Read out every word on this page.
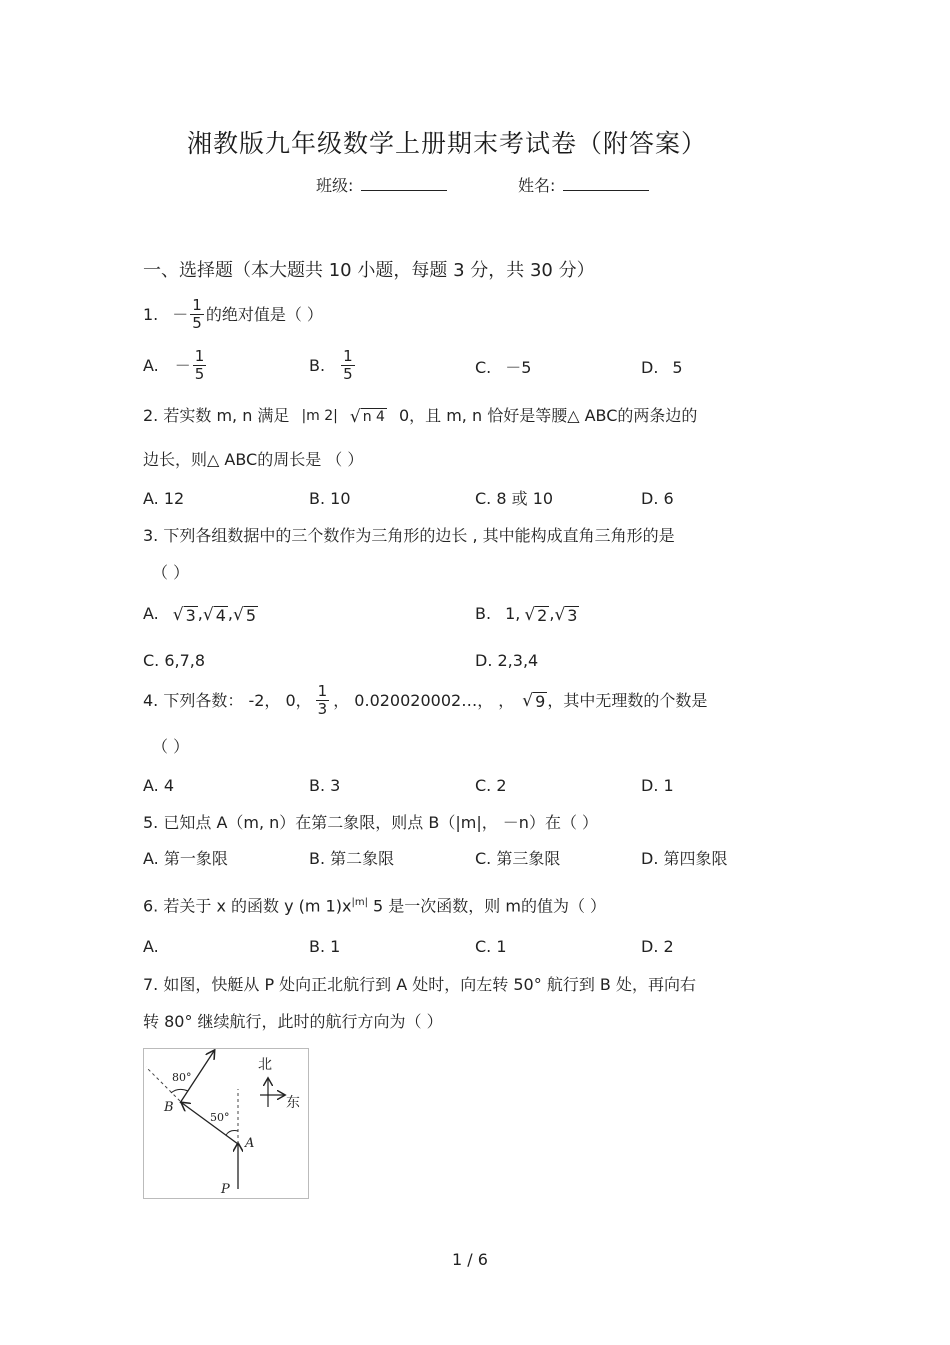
湘教版九年级数学上册期末考试卷（附答案）
班级:	姓名:
一、选择题（本大题共 10 小题，每题 3 分，共 30 分）
1. － $\frac{1}{5}$ 的绝对值是（ ）
A. － $\frac{1}{5}$	B. $\frac{1}{5}$	C. －5	D. 5
2. 若实数 m, n 满足 |m 2| √ n 4 0，且 m, n 恰好是等腰△ ABC的两条边的
边长，则△ ABC的周长是 （ ）
A. 12	B. 10	C. 8 或 10	D. 6
3. 下列各组数据中的三个数作为三角形的边长 , 其中能构成直角三角形的是
（ ）
A. √ 3 , √ 4 , √ 5	B. 1, √ 2 , √ 3
C. 6,7,8	D. 2,3,4
4. 下列各数： -2， 0， $\frac{1}{3}$ ， 0.020020002…， ， √ 9 ，其中无理数的个数是
（ ）
A. 4	B. 3	C. 2	D. 1
5. 已知点 A（m, n）在第二象限，则点 B（|m|， －n）在（ ）
A. 第一象限	B. 第二象限	C. 第三象限	D. 第四象限
6. 若关于 x 的函数 y (m $1)x^{|m|}$ 5 是一次函数，则 m的值为（ ）
A.	B. 1	C. 1	D. 2
7. 如图，快艇从 P 处向正北航行到 A 处时，向左转 50° 航行到 B 处，再向右
转 80° 继续航行，此时的航行方向为（ ）
80°
50°
B
A
P
北
东
1 / 6
